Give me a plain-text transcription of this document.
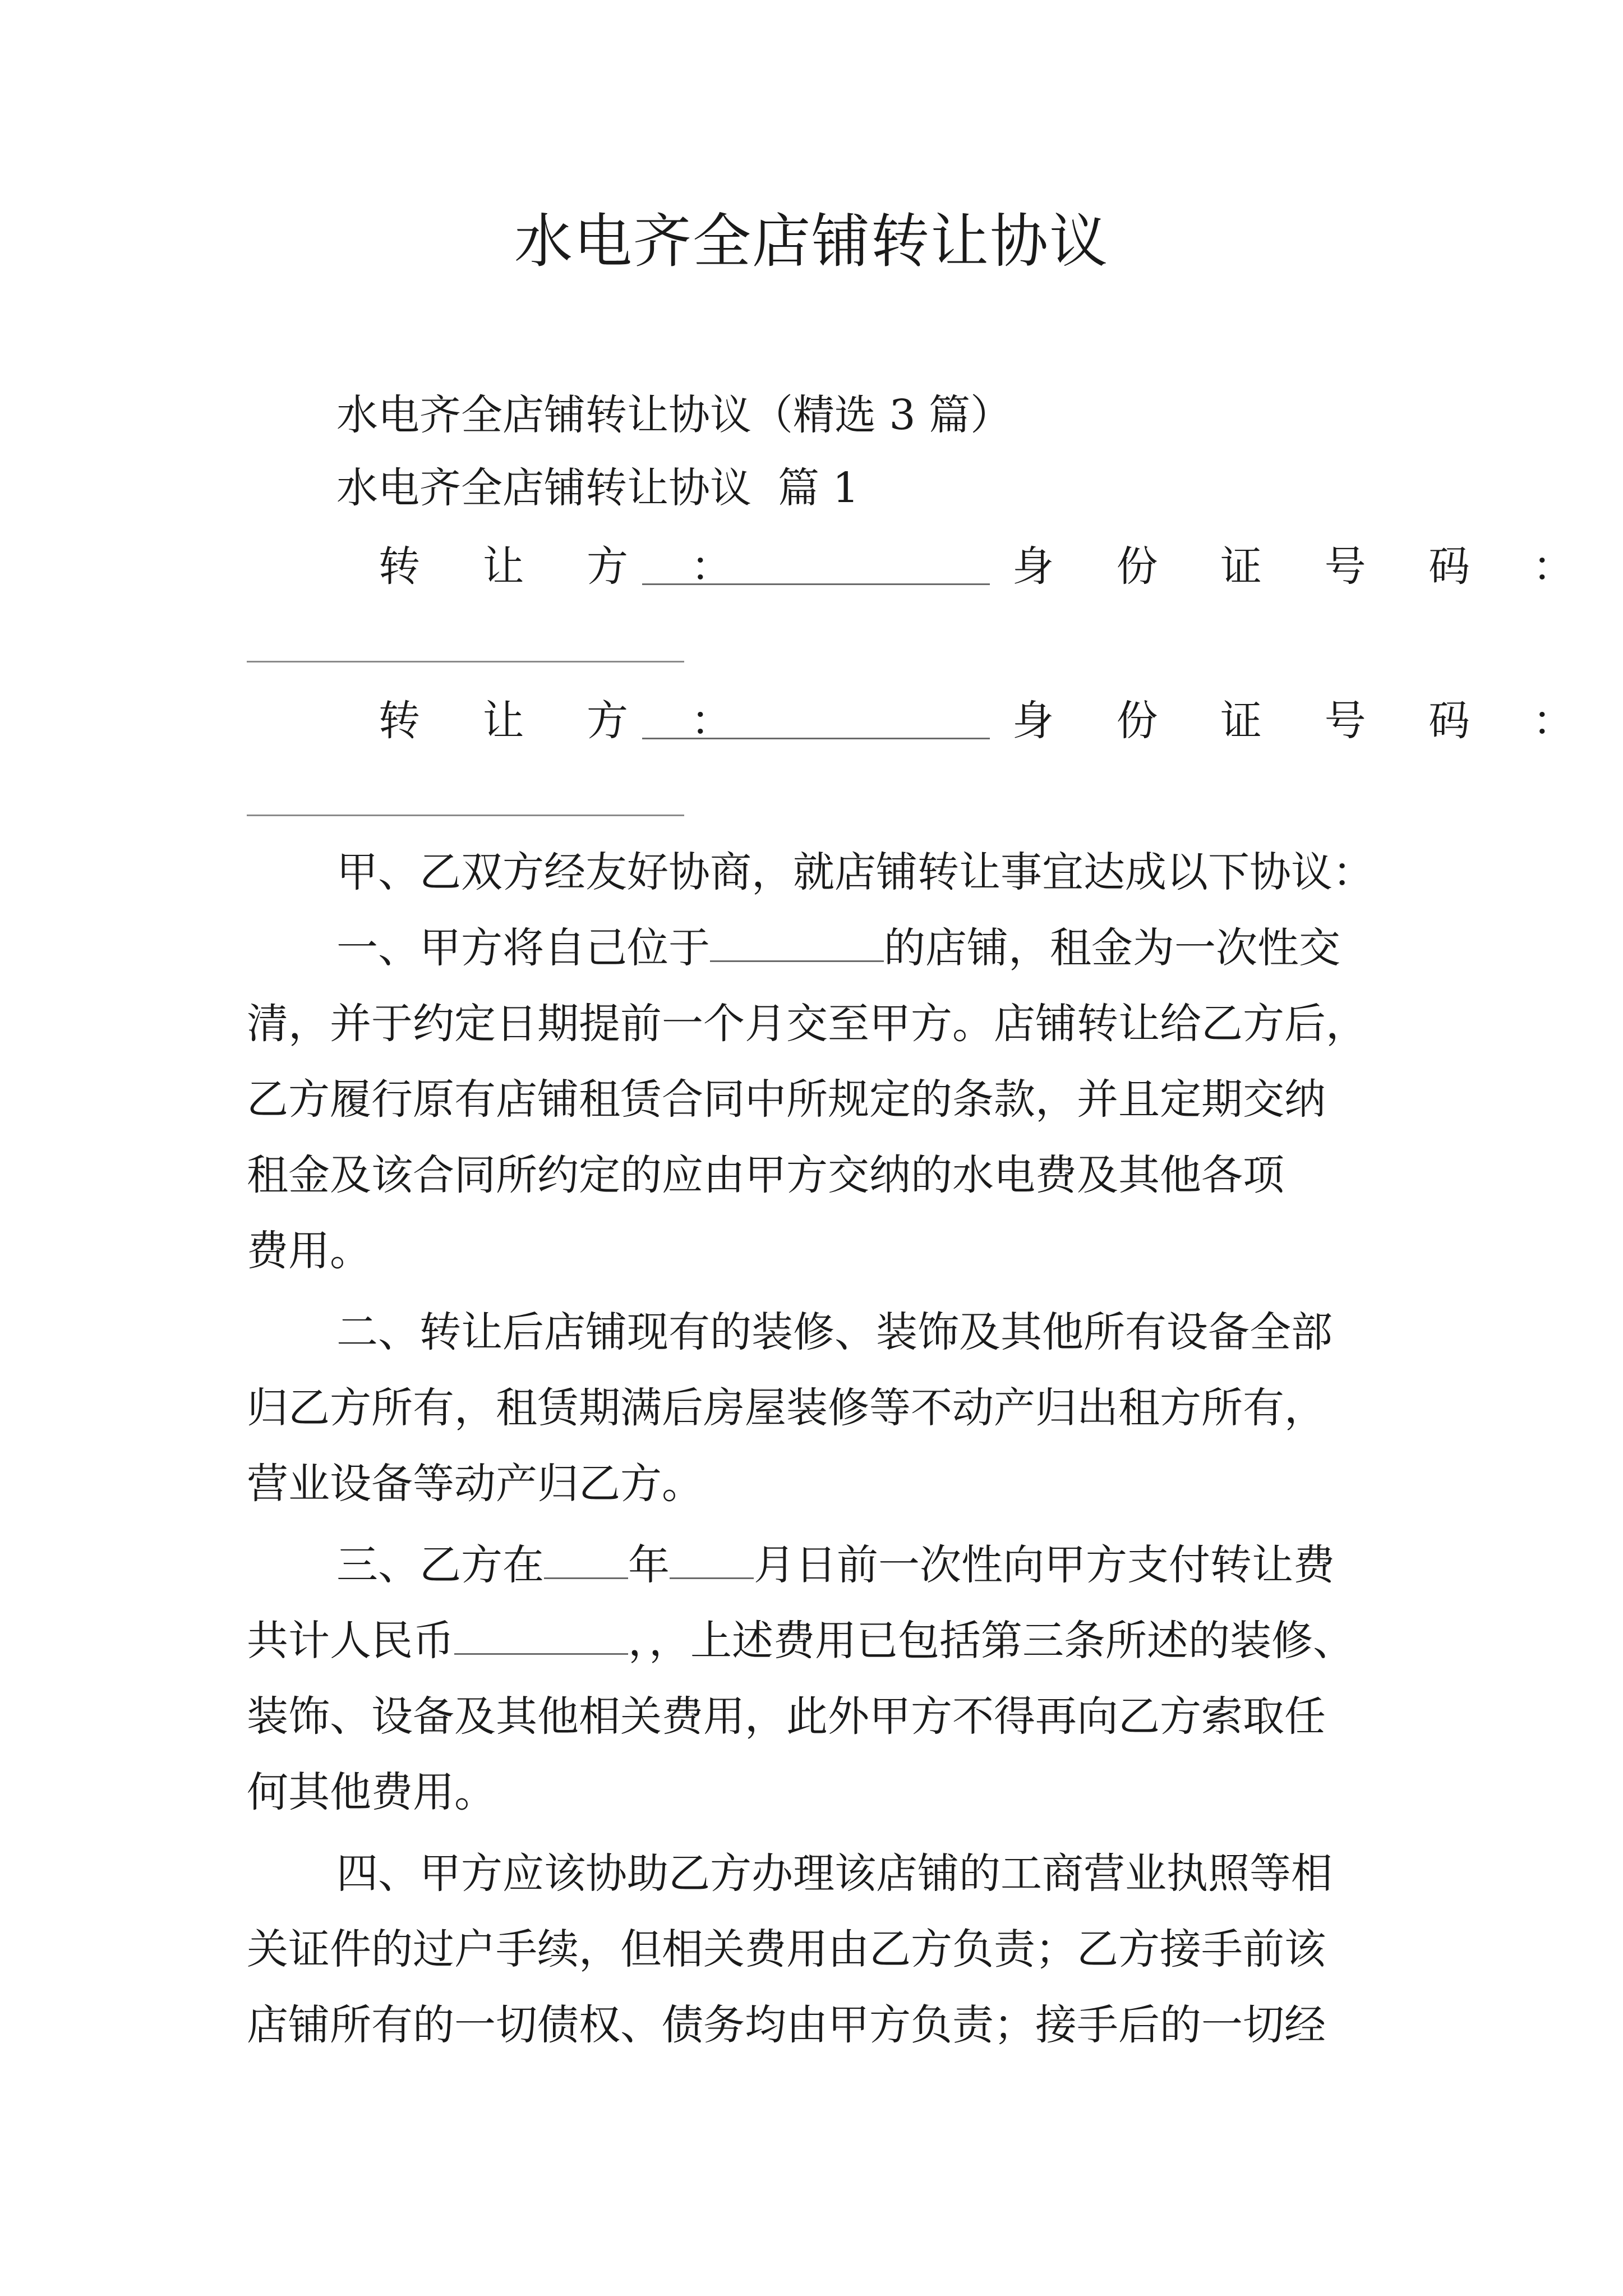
水电齐全店铺转让协议
水电齐全店铺转让协议（精选 3 篇）
水电齐全店铺转让协议  篇 1
转 让 方 ：	身 份 证 号 码 ：
转 让 方 ：	身 份 证 号 码 ：
甲、乙双方经友好协商，就店铺转让事宜达成以下协议：
一、甲方将自己位于	的店铺，租金为一次性交
清，并于约定日期提前一个月交至甲方。店铺转让给乙方后，
乙方履行原有店铺租赁合同中所规定的条款，并且定期交纳
租金及该合同所约定的应由甲方交纳的水电费及其他各项
费用。
二、转让后店铺现有的装修、装饰及其他所有设备全部
归乙方所有，租赁期满后房屋装修等不动产归出租方所有，
营业设备等动产归乙方。
三、乙方在 年 月日前一次性向甲方支付转让费
共计人民币	，，上述费用已包括第三条所述的装修、
装饰、设备及其他相关费用，此外甲方不得再向乙方索取任
何其他费用。
四、甲方应该协助乙方办理该店铺的工商营业执照等相
关证件的过户手续，但相关费用由乙方负责；乙方接手前该
店铺所有的一切债权、债务均由甲方负责；接手后的一切经
